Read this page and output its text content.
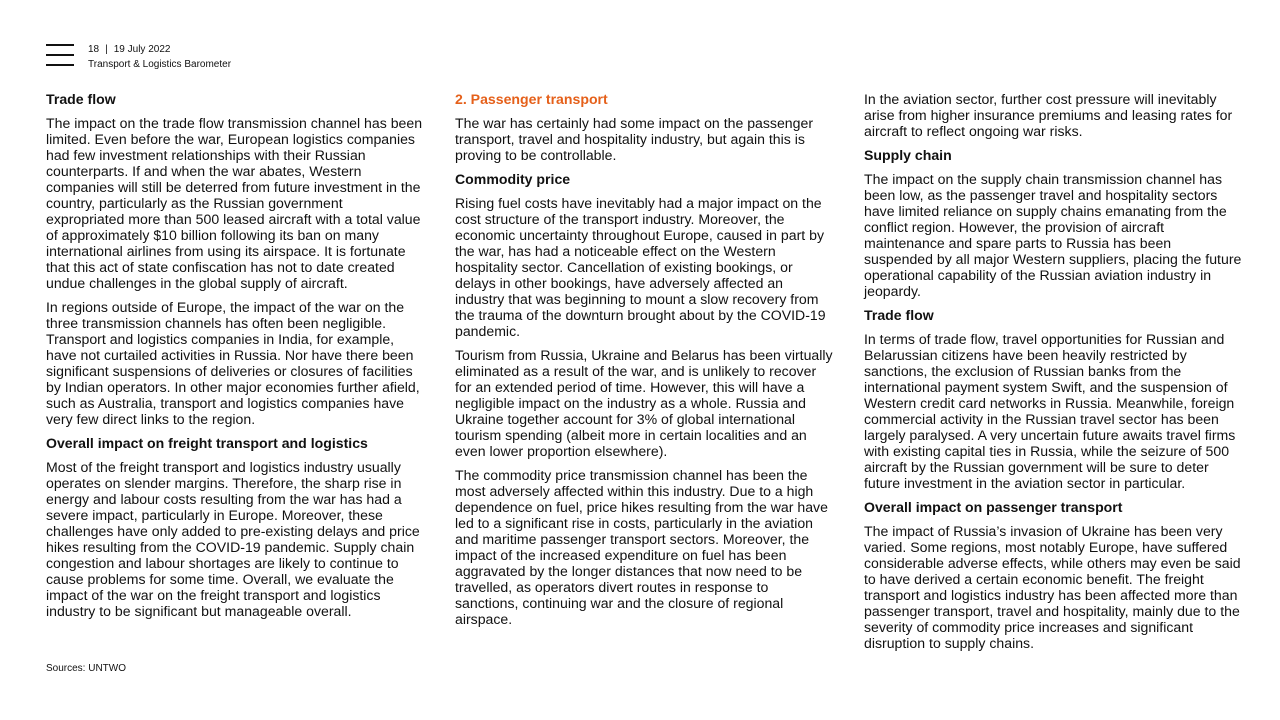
18 | 19 July 2022
Transport & Logistics Barometer
Trade flow

The impact on the trade flow transmission channel has been limited. Even before the war, European logistics companies had few investment relationships with their Russian counterparts. If and when the war abates, Western companies will still be deterred from future investment in the country, particularly as the Russian government expropriated more than 500 leased aircraft with a total value of approximately $10 billion following its ban on many international airlines from using its airspace. It is fortunate that this act of state confiscation has not to date created undue challenges in the global supply of aircraft.

In regions outside of Europe, the impact of the war on the three transmission channels has often been negligible. Transport and logistics companies in India, for example, have not curtailed activities in Russia. Nor have there been significant suspensions of deliveries or closures of facilities by Indian operators. In other major economies further afield, such as Australia, transport and logistics companies have very few direct links to the region.

Overall impact on freight transport and logistics

Most of the freight transport and logistics industry usually operates on slender margins. Therefore, the sharp rise in energy and labour costs resulting from the war has had a severe impact, particularly in Europe. Moreover, these challenges have only added to pre-existing delays and price hikes resulting from the COVID-19 pandemic. Supply chain congestion and labour shortages are likely to continue to cause problems for some time. Overall, we evaluate the impact of the war on the freight transport and logistics industry to be significant but manageable overall.

2. Passenger transport

The war has certainly had some impact on the passenger transport, travel and hospitality industry, but again this is proving to be controllable.

Commodity price

Rising fuel costs have inevitably had a major impact on the cost structure of the transport industry. Moreover, the economic uncertainty throughout Europe, caused in part by the war, has had a noticeable effect on the Western hospitality sector. Cancellation of existing bookings, or delays in other bookings, have adversely affected an industry that was beginning to mount a slow recovery from the trauma of the downturn brought about by the COVID-19 pandemic.

Tourism from Russia, Ukraine and Belarus has been virtually eliminated as a result of the war, and is unlikely to recover for an extended period of time. However, this will have a negligible impact on the industry as a whole. Russia and Ukraine together account for 3% of global international tourism spending (albeit more in certain localities and an even lower proportion elsewhere).

The commodity price transmission channel has been the most adversely affected within this industry. Due to a high dependence on fuel, price hikes resulting from the war have led to a significant rise in costs, particularly in the aviation and maritime passenger transport sectors. Moreover, the impact of the increased expenditure on fuel has been aggravated by the longer distances that now need to be travelled, as operators divert routes in response to sanctions, continuing war and the closure of regional airspace.

In the aviation sector, further cost pressure will inevitably arise from higher insurance premiums and leasing rates for aircraft to reflect ongoing war risks.

Supply chain

The impact on the supply chain transmission channel has been low, as the passenger travel and hospitality sectors have limited reliance on supply chains emanating from the conflict region. However, the provision of aircraft maintenance and spare parts to Russia has been suspended by all major Western suppliers, placing the future operational capability of the Russian aviation industry in jeopardy.

Trade flow

In terms of trade flow, travel opportunities for Russian and Belarussian citizens have been heavily restricted by sanctions, the exclusion of Russian banks from the international payment system Swift, and the suspension of Western credit card networks in Russia. Meanwhile, foreign commercial activity in the Russian travel sector has been largely paralysed. A very uncertain future awaits travel firms with existing capital ties in Russia, while the seizure of 500 aircraft by the Russian government will be sure to deter future investment in the aviation sector in particular.

Overall impact on passenger transport

The impact of Russia’s invasion of Ukraine has been very varied. Some regions, most notably Europe, have suffered considerable adverse effects, while others may even be said to have derived a certain economic benefit. The freight transport and logistics industry has been affected more than passenger transport, travel and hospitality, mainly due to the severity of commodity price increases and significant disruption to supply chains.

Sources: UNTWO
